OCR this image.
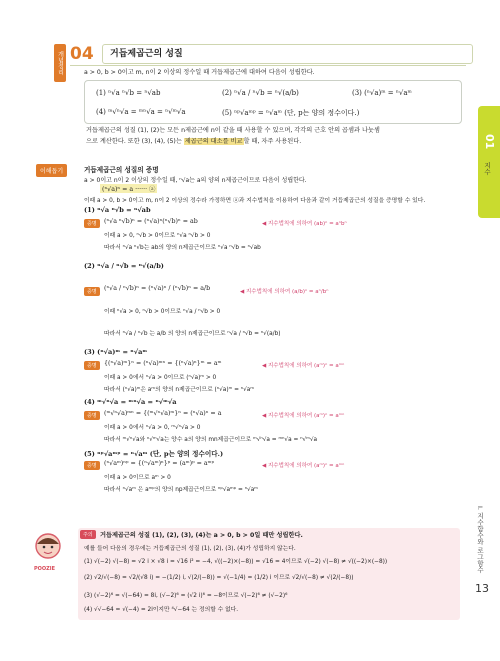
개념정리 04	거듭제곱근의 성질
a > 0, b > 0이고 m, n이 2 이상의 정수일 때 거듭제곱근에 대하여 다음이 성립한다.
(1) ⁿ√a ⁿ√b = ⁿ√ab	(2) ⁿ√a / ⁿ√b = ⁿ√(a/b)	(3) (ⁿ√a)ᵐ = ⁿ√aᵐ
(4) ᵐ√ⁿ√a = ᵐⁿ√a = ⁿ√ᵐ√a	(5) ⁿᵖ√aᵐᵖ = ⁿ√aᵐ (단, p는 양의 정수이다.)
거듭제곱근의 성질 (1), (2)는 모든 n제곱근에 n이 같을 때 사용할 수 있으며, 각각의 근호 안의 곱셈과 나눗셈
으로 계산한다. 또한 (3), (4), (5)는 제곱근의 대소를 비교할 때, 자주 사용된다.	01
지수
I. 지수함수와 로그함수
13
이해돕기	거듭제곱근의 성질의 증명
a > 0이고 n이 2 이상의 정수일 때, ⁿ√a는 a의 양의 n제곱근이므로 다음이 성립한다.
(ⁿ√a)ⁿ = a ······ ⓐ
이때 a > 0, b > 0이고 m, n이 2 이상의 정수라 가정하면 ⓐ과 지수법칙을 이용하여 다음과 같이 거듭제곱근의 성질을 증명할 수 있다.
(1) ⁿ√a ⁿ√b = ⁿ√ab
증명	(ⁿ√a ⁿ√b)ⁿ = (ⁿ√a)ⁿ(ⁿ√b)ⁿ = ab	◀ 지수법칙에 의하여 (ab)ⁿ = aⁿbⁿ
이때 a > 0, ⁿ√b > 0이므로 ⁿ√a ⁿ√b > 0
따라서 ⁿ√a ⁿ√b는 ab의 양의 n제곱근이므로 ⁿ√a ⁿ√b = ⁿ√ab
(2) ⁿ√a / ⁿ√b = ⁿ√(a/b)
증명	(ⁿ√a / ⁿ√b)ⁿ = (ⁿ√a)ⁿ / (ⁿ√b)ⁿ = a/b	◀ 지수법칙에 의하여 (a/b)ⁿ = aⁿ/bⁿ
이때 ⁿ√a > 0, ⁿ√b > 0이므로 ⁿ√a / ⁿ√b > 0
따라서 ⁿ√a / ⁿ√b 는 a/b 의 양의 n제곱근이므로 ⁿ√a / ⁿ√b = ⁿ√(a/b)
(3) (ⁿ√a)ᵐ = ⁿ√aᵐ
증명	{(ⁿ√a)ᵐ}ⁿ = (ⁿ√a)ᵐⁿ = {(ⁿ√a)ⁿ}ᵐ = aᵐ	◀ 지수법칙에 의하여 (aᵐ)ⁿ = aᵐⁿ
이때 a > 0에서 ⁿ√a > 0이므로 (ⁿ√a)ᵐ > 0
따라서 (ⁿ√a)ᵐ은 aᵐ의 양의 n제곱근이므로 (ⁿ√a)ᵐ = ⁿ√aᵐ
(4) ᵐ√ⁿ√a = ᵐⁿ√a = ⁿ√ᵐ√a
증명	(ᵐ√ⁿ√a)ᵐⁿ = {(ᵐ√ⁿ√a)ᵐ}ⁿ = (ⁿ√a)ⁿ = a	◀ 지수법칙에 의하여 (aᵐ)ⁿ = aᵐⁿ
이때 a > 0에서 ⁿ√a > 0, ᵐ√ⁿ√a > 0
따라서 ᵐ√ⁿ√a와 ⁿ√ᵐ√a는 양수 a의 양의 mn제곱근이므로 ᵐ√ⁿ√a = ᵐⁿ√a = ⁿ√ᵐ√a
(5) ⁿᵖ√aᵐᵖ = ⁿ√aᵐ (단, p는 양의 정수이다.)
증명	(ⁿ√aᵐ)ⁿᵖ = {(ⁿ√aᵐ)ⁿ}ᵖ = (aᵐ)ᵖ = aᵐᵖ	◀ 지수법칙에 의하여 (aᵐ)ⁿ = aᵐⁿ
이때 a > 0이므로 aᵐ > 0
따라서 ⁿ√aᵐ 은 aᵐᵖ의 양의 np제곱근이므로 ⁿᵖ√aᵐᵖ = ⁿ√aᵐ
POOZIE
주의	거듭제곱근의 성질 (1), (2), (3), (4)는 a > 0, b > 0일 때만 성립한다.
예를 들어 다음의 경우에는 거듭제곱근의 성질 (1), (2), (3), (4)가 성립하지 않는다.
(1) √(−2) √(−8) = √2 i × √8 i = √16 i² = −4, √((−2)×(−8)) = √16 = 4이므로 √(−2) √(−8) ≠ √((−2)×(−8))
(2) √2/√(−8) = √2/(√8 i) = −(1/2) i, √(2/(−8)) = √(−1/4) = (1/2) i 이므로 √2/√(−8) ≠ √(2/(−8))
(3) (√−2)⁶ = √(−64) = 8i, (√−2)⁶ = (√2 i)⁶ = −8이므로 √(−2)⁶ ≠ (√−2)⁶
(4) √√−64 = √(−4) = 2i이지만 ⁴√−64 는 정의할 수 없다.
